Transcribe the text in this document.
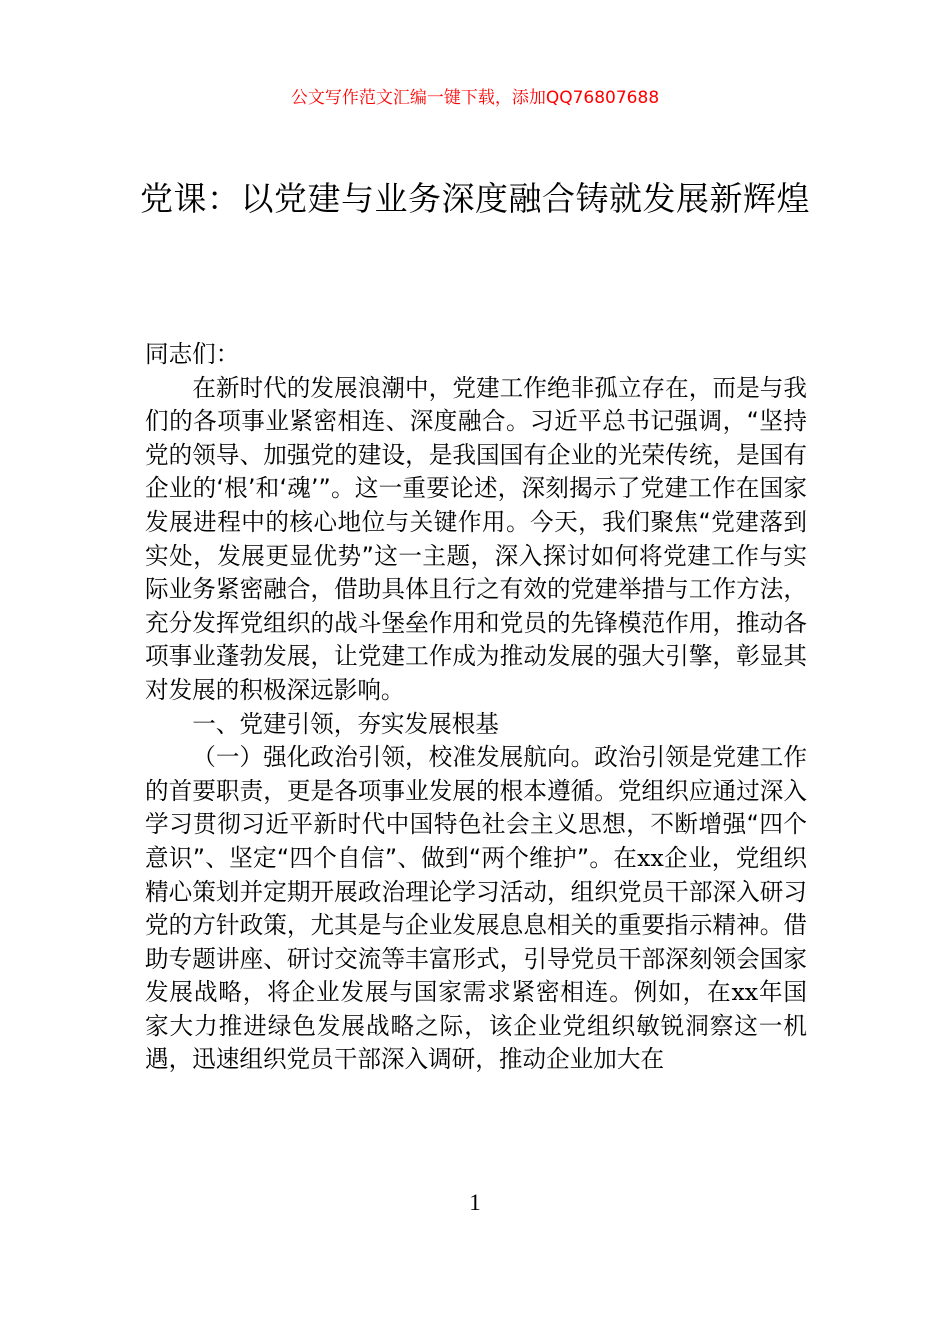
公文写作范文汇编一键下载，添加QQ76807688
党课：以党建与业务深度融合铸就发展新辉煌

同志们：

在新时代的发展浪潮中，党建工作绝非孤立存在，而是与我们的各项事业紧密相连、深度融合。习近平总书记强调，“坚持党的领导、加强党的建设，是我国国有企业的光荣传统，是国有企业的‘根’和‘魂’”。这一重要论述，深刻揭示了党建工作在国家发展进程中的核心地位与关键作用。今天，我们聚焦“党建落到实处，发展更显优势”这一主题，深入探讨如何将党建工作与实际业务紧密融合，借助具体且行之有效的党建举措与工作方法，充分发挥党组织的战斗堡垒作用和党员的先锋模范作用，推动各项事业蓬勃发展，让党建工作成为推动发展的强大引擎，彰显其对发展的积极深远影响。

一、党建引领，夯实发展根基

（一）强化政治引领，校准发展航向。政治引领是党建工作的首要职责，更是各项事业发展的根本遵循。党组织应通过深入学习贯彻习近平新时代中国特色社会主义思想，不断增强“四个意识”、坚定“四个自信”、做到“两个维护”。在xx企业，党组织精心策划并定期开展政治理论学习活动，组织党员干部深入研习党的方针政策，尤其是与企业发展息息相关的重要指示精神。借助专题讲座、研讨交流等丰富形式，引导党员干部深刻领会国家发展战略，将企业发展与国家需求紧密相连。例如，在xx年国家大力推进绿色发展战略之际，该企业党组织敏锐洞察这一机遇，迅速组织党员干部深入调研，推动企业加大在

1
